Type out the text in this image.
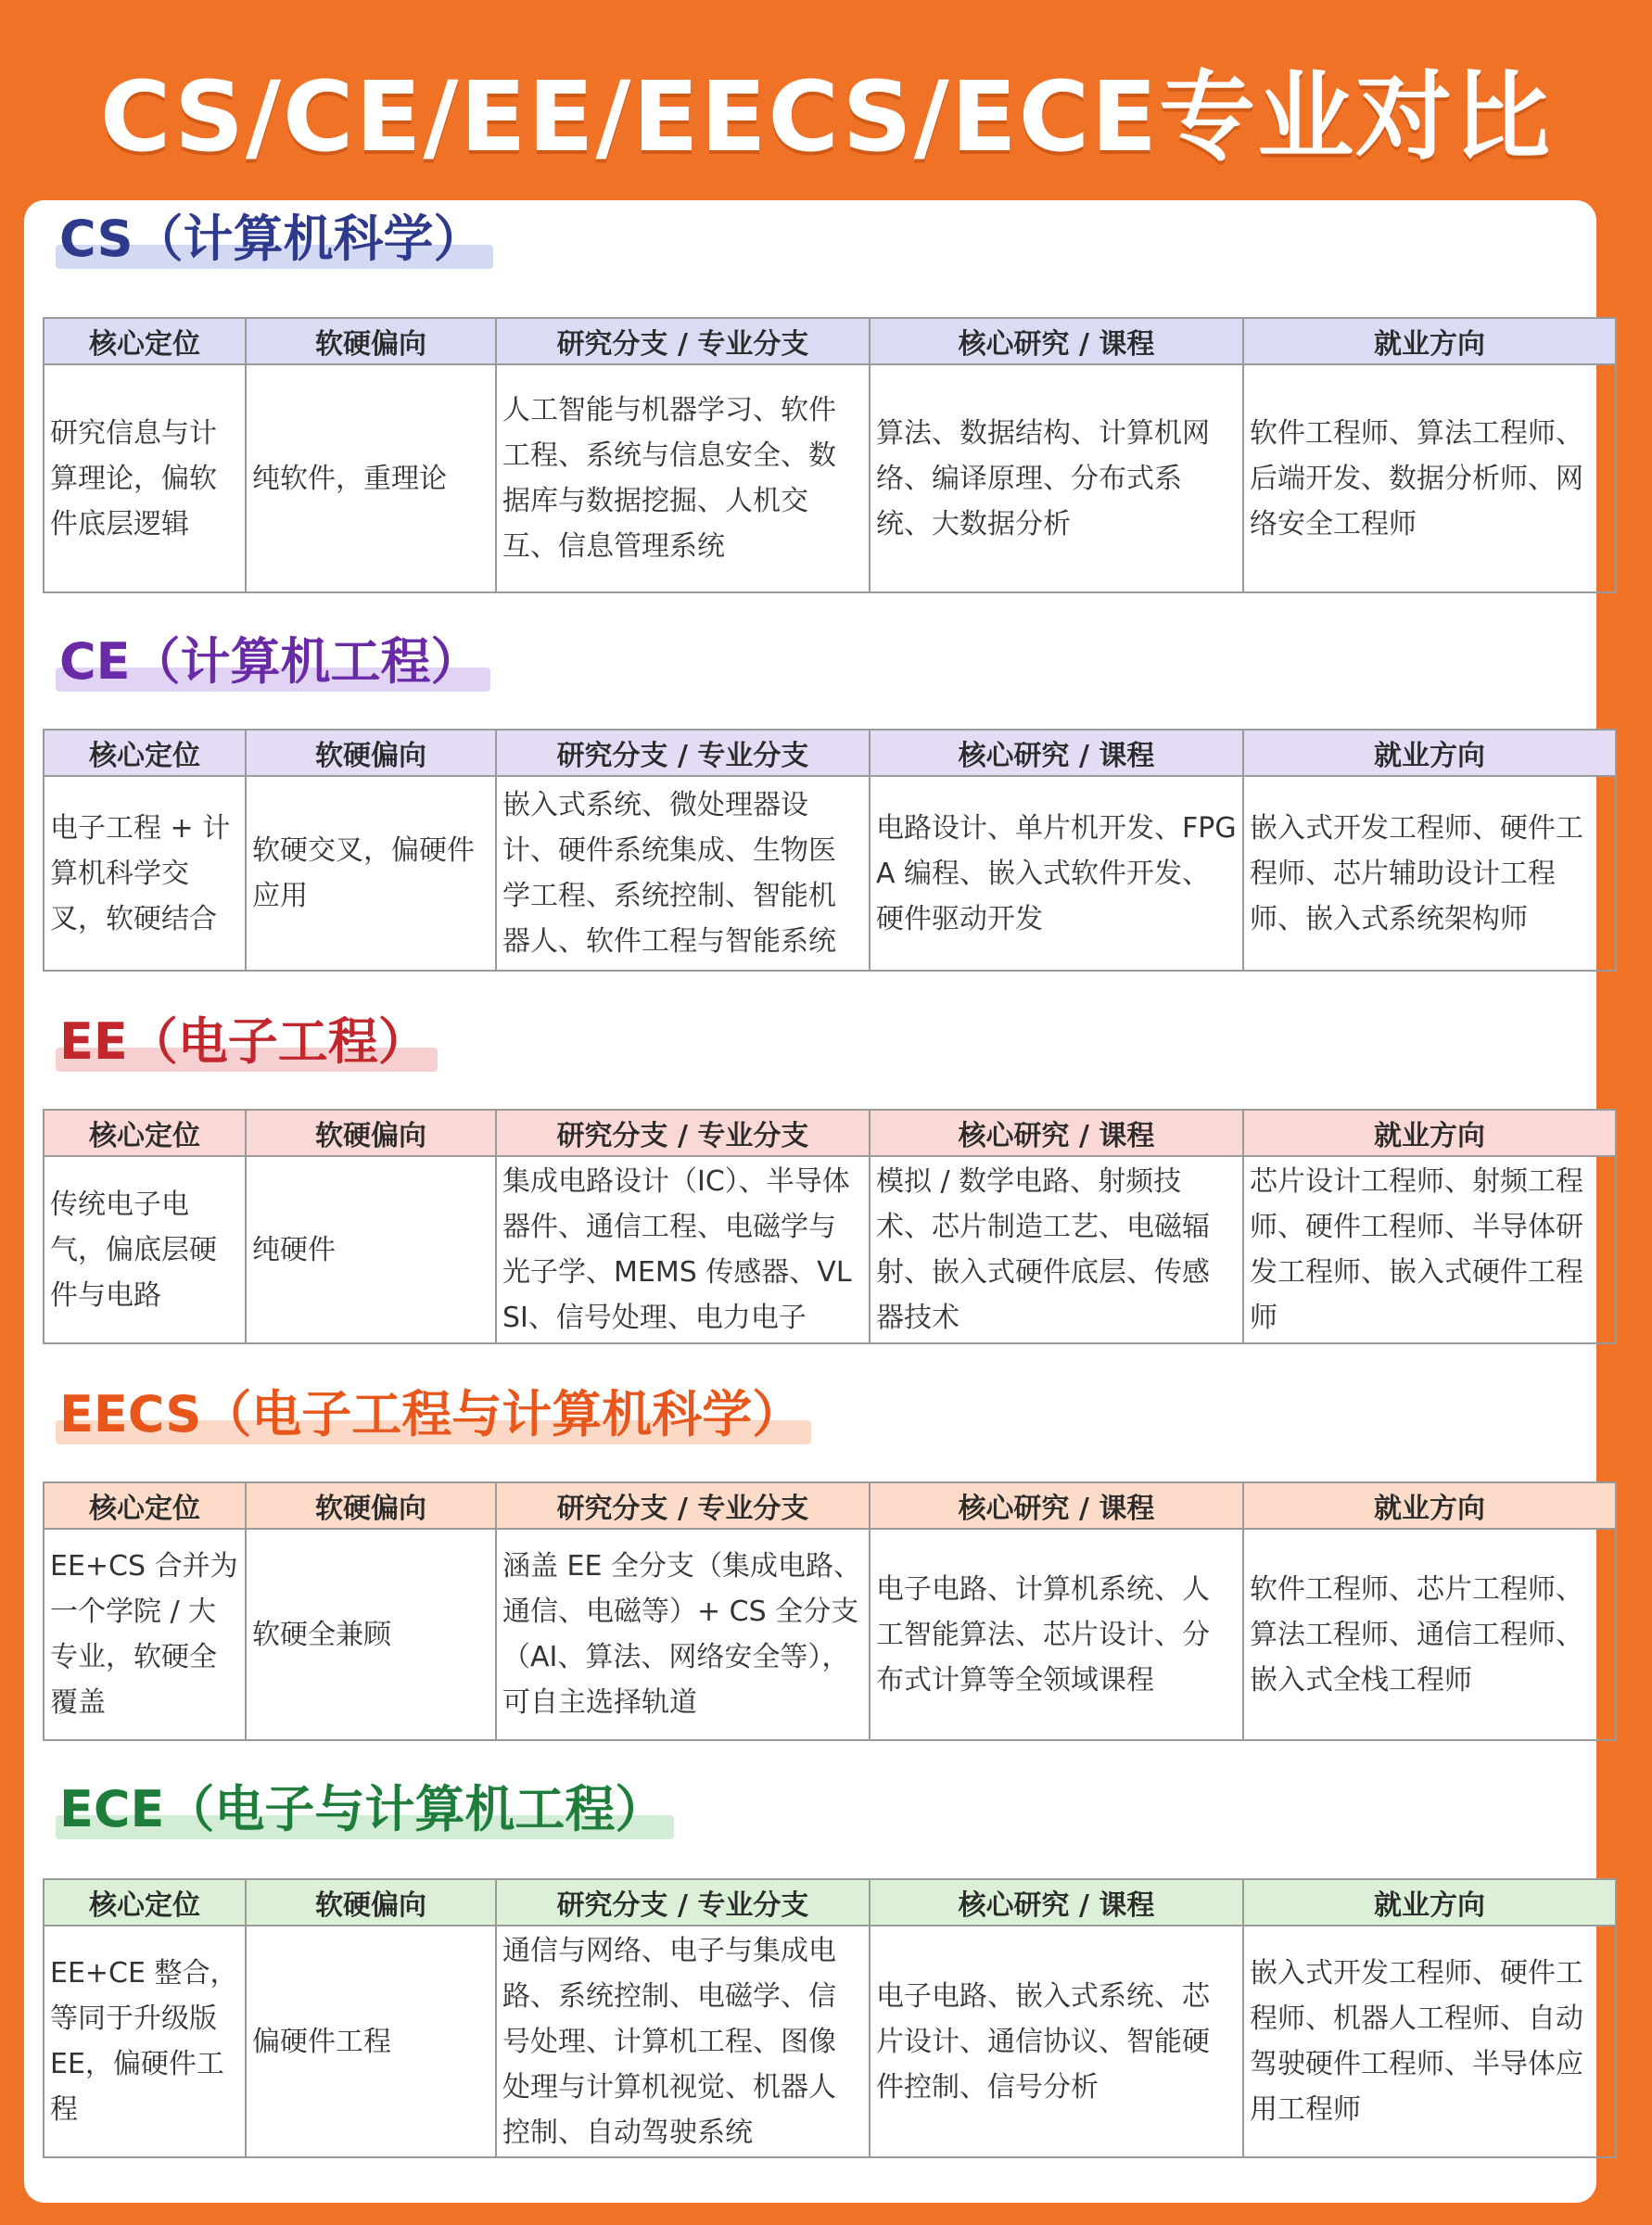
CS/CE/EE/EECS/ECE专业对比
CS（计算机科学）
核心定位	软硬偏向	研究分支 / 专业分支	核心研究 / 课程	就业方向
研究信息与计算理论，偏软件底层逻辑	纯软件，重理论	人工智能与机器学习、软件工程、系统与信息安全、数据库与数据挖掘、人机交互、信息管理系统	算法、数据结构、计算机网络、编译原理、分布式系统、大数据分析	软件工程师、算法工程师、后端开发、数据分析师、网络安全工程师
CE（计算机工程）
核心定位	软硬偏向	研究分支 / 专业分支	核心研究 / 课程	就业方向
电子工程 + 计算机科学交叉，软硬结合	软硬交叉，偏硬件应用	嵌入式系统、微处理器设计、硬件系统集成、生物医学工程、系统控制、智能机器人、软件工程与智能系统	电路设计、单片机开发、FPGA 编程、嵌入式软件开发、硬件驱动开发	嵌入式开发工程师、硬件工程师、芯片辅助设计工程师、嵌入式系统架构师
EE（电子工程）
核心定位	软硬偏向	研究分支 / 专业分支	核心研究 / 课程	就业方向
传统电子电气，偏底层硬件与电路	纯硬件	集成电路设计（IC）、半导体器件、通信工程、电磁学与光子学、MEMS 传感器、VLSI、信号处理、电力电子	模拟 / 数学电路、射频技术、芯片制造工艺、电磁辐射、嵌入式硬件底层、传感器技术	芯片设计工程师、射频工程师、硬件工程师、半导体研发工程师、嵌入式硬件工程师
EECS（电子工程与计算机科学）
核心定位	软硬偏向	研究分支 / 专业分支	核心研究 / 课程	就业方向
EE+CS 合并为一个学院 / 大专业，软硬全覆盖	软硬全兼顾	涵盖 EE 全分支（集成电路、通信、电磁等）+ CS 全分支（AI、算法、网络安全等），可自主选择轨道	电子电路、计算机系统、人工智能算法、芯片设计、分布式计算等全领域课程	软件工程师、芯片工程师、算法工程师、通信工程师、嵌入式全栈工程师
ECE（电子与计算机工程）
核心定位	软硬偏向	研究分支 / 专业分支	核心研究 / 课程	就业方向
EE+CE 整合，等同于升级版 EE，偏硬件工程	偏硬件工程	通信与网络、电子与集成电路、系统控制、电磁学、信号处理、计算机工程、图像处理与计算机视觉、机器人控制、自动驾驶系统	电子电路、嵌入式系统、芯片设计、通信协议、智能硬件控制、信号分析	嵌入式开发工程师、硬件工程师、机器人工程师、自动驾驶硬件工程师、半导体应用工程师
